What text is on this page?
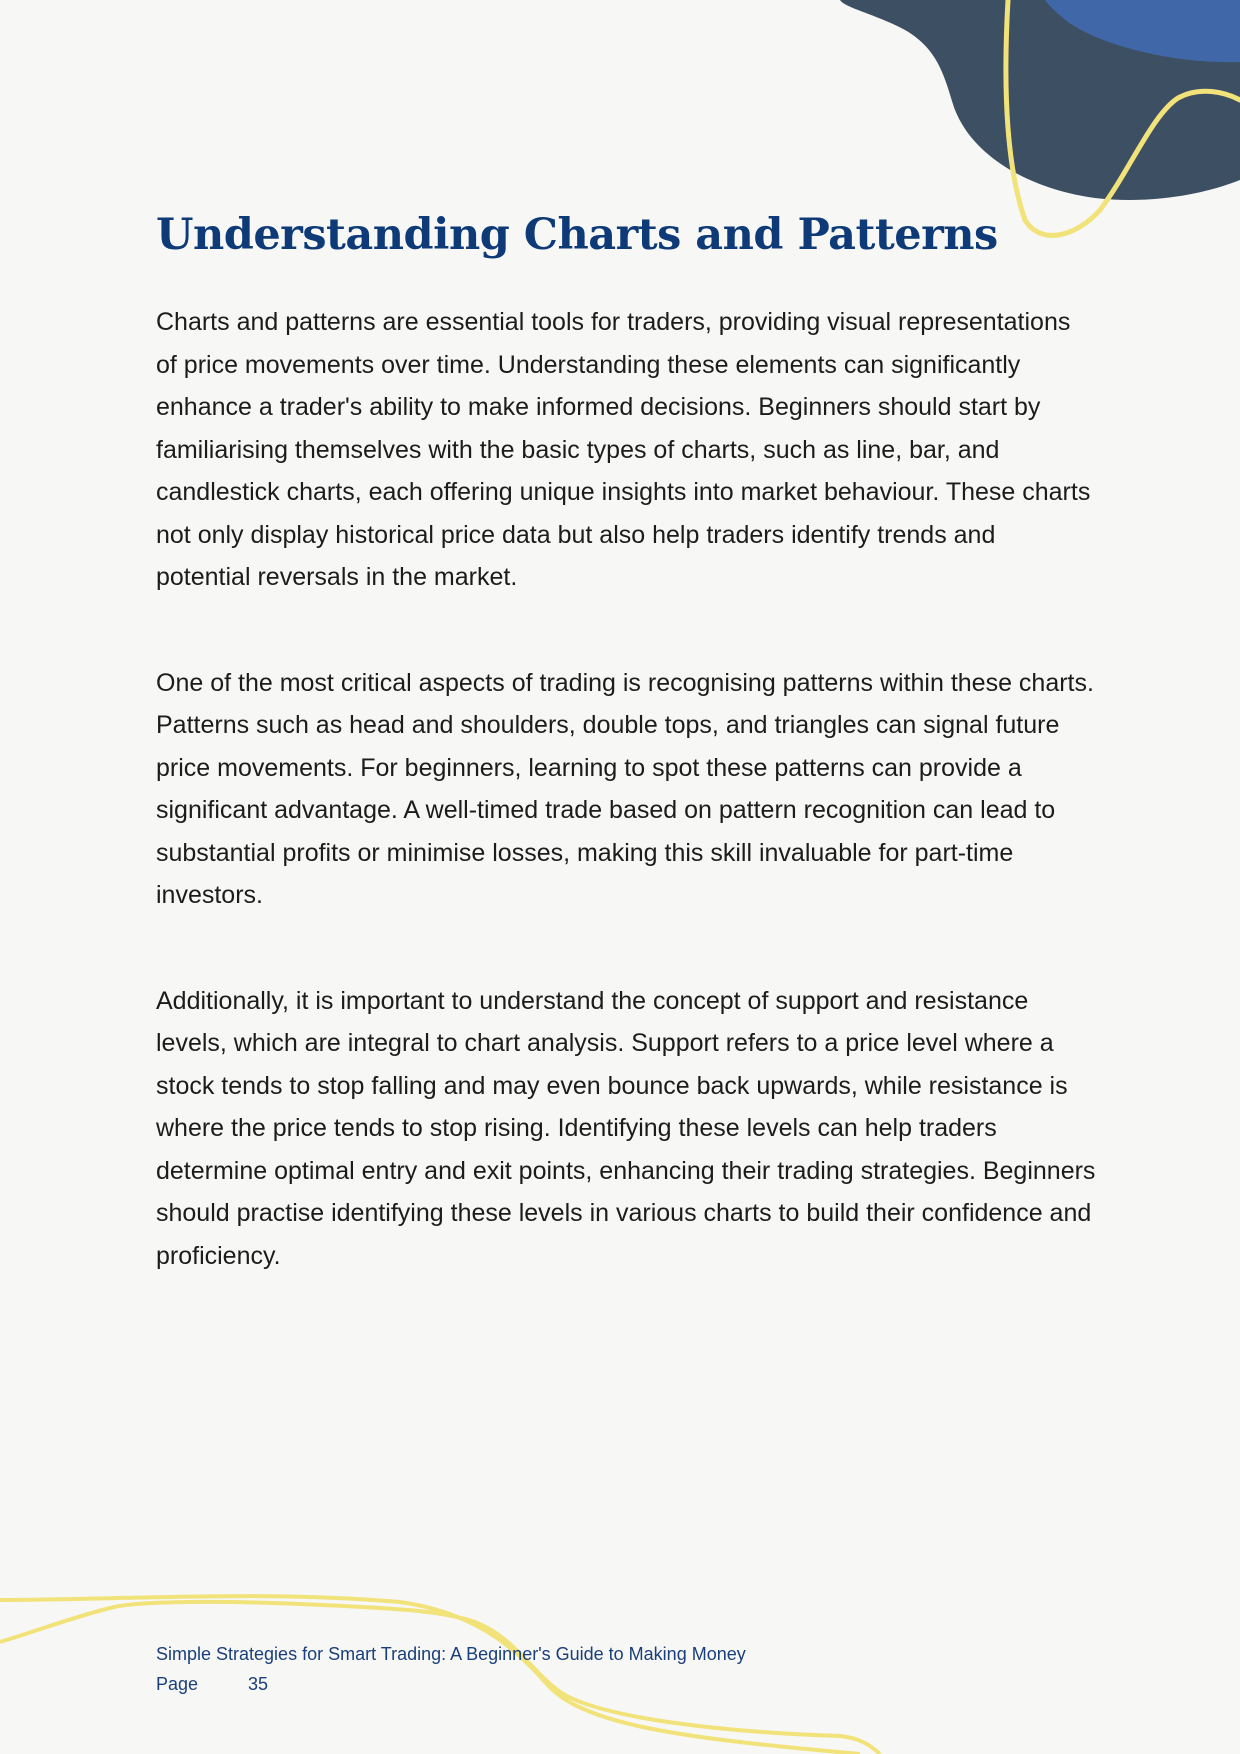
Understanding Charts and Patterns

Charts and patterns are essential tools for traders, providing visual representations of price movements over time. Understanding these elements can significantly enhance a trader's ability to make informed decisions. Beginners should start by familiarising themselves with the basic types of charts, such as line, bar, and candlestick charts, each offering unique insights into market behaviour. These charts not only display historical price data but also help traders identify trends and potential reversals in the market.

One of the most critical aspects of trading is recognising patterns within these charts. Patterns such as head and shoulders, double tops, and triangles can signal future price movements. For beginners, learning to spot these patterns can provide a significant advantage. A well-timed trade based on pattern recognition can lead to substantial profits or minimise losses, making this skill invaluable for part-time investors.

Additionally, it is important to understand the concept of support and resistance levels, which are integral to chart analysis. Support refers to a price level where a stock tends to stop falling and may even bounce back upwards, while resistance is where the price tends to stop rising. Identifying these levels can help traders determine optimal entry and exit points, enhancing their trading strategies. Beginners should practise identifying these levels in various charts to build their confidence and proficiency.

Simple Strategies for Smart Trading: A Beginner's Guide to Making Money
Page	35
